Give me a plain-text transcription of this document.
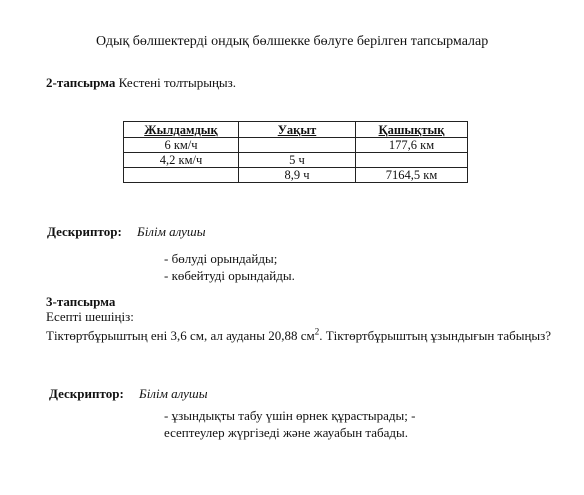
Одық бөлшектерді ондық бөлшекке бөлуге берілген тапсырмалар
2-тапсырма Кестені толтырыңыз.
Жылдамдық	Уақыт	Қашықтық
6 км/ч		177,6 км
4,2 км/ч	5 ч	
	8,9 ч	7164,5 км
Дескриптор: Білім алушы
- бөлуді орындайды;
- көбейтуді орындайды.
3-тапсырма
Есепті шешіңіз:
Тіктөртбұрыштың ені 3,6 см, ал ауданы 20,88 $см^2$. Тіктөртбұрыштың ұзындығын табыңыз?
Дескриптор: Білім алушы
- ұзындықты табу үшін өрнек құрастырады; -
есептеулер жүргізеді және жауабын табады.
